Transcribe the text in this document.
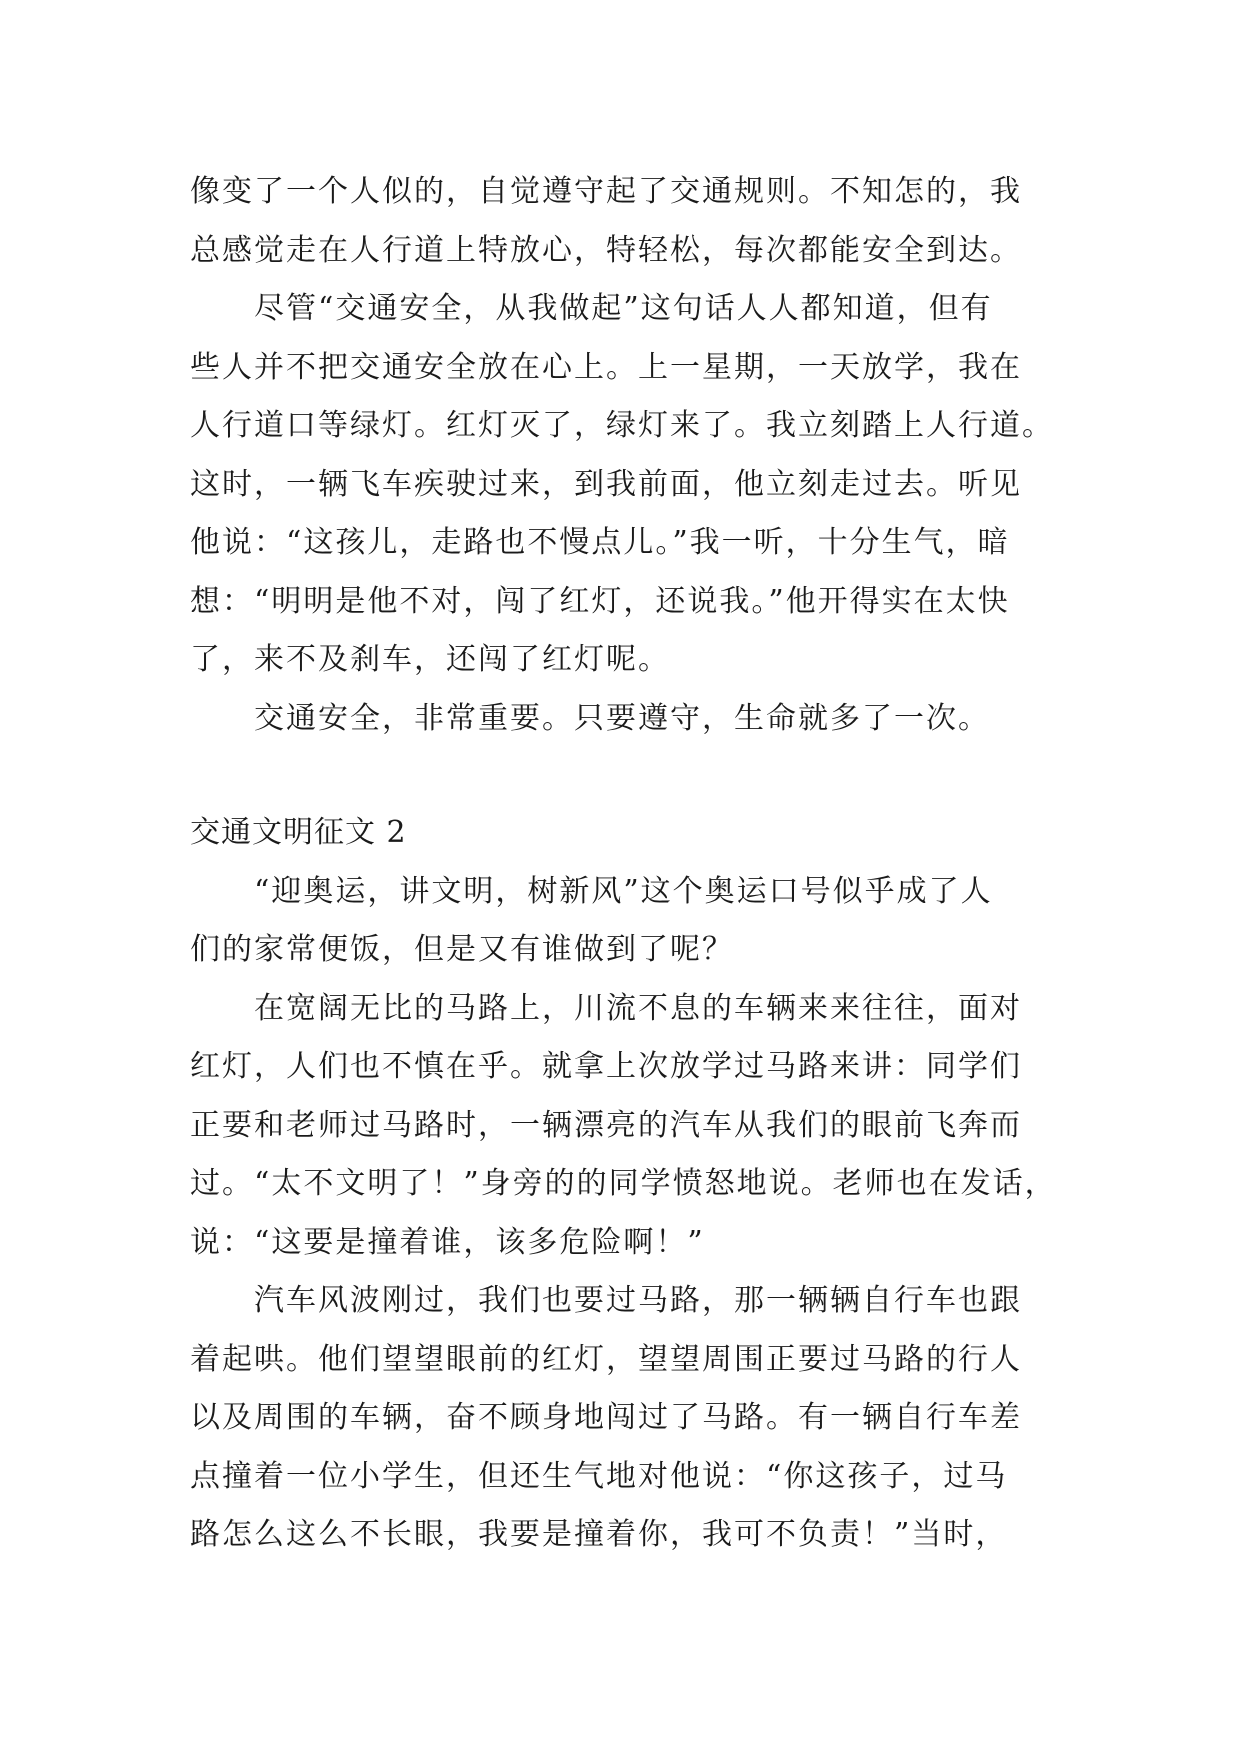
像变了一个人似的，自觉遵守起了交通规则。不知怎的，我
总感觉走在人行道上特放心，特轻松，每次都能安全到达。
尽管“交通安全，从我做起”这句话人人都知道，但有
些人并不把交通安全放在心上。上一星期，一天放学，我在
人行道口等绿灯。红灯灭了，绿灯来了。我立刻踏上人行道。
这时，一辆飞车疾驶过来，到我前面，他立刻走过去。听见
他说：“这孩儿，走路也不慢点儿。”我一听，十分生气，暗
想：“明明是他不对，闯了红灯，还说我。”他开得实在太快
了，来不及刹车，还闯了红灯呢。
交通安全，非常重要。只要遵守，生命就多了一次。
交通文明征文 2
“迎奥运，讲文明，树新风”这个奥运口号似乎成了人
们的家常便饭，但是又有谁做到了呢？
在宽阔无比的马路上，川流不息的车辆来来往往，面对
红灯，人们也不慎在乎。就拿上次放学过马路来讲：同学们
正要和老师过马路时，一辆漂亮的汽车从我们的眼前飞奔而
过。“太不文明了！”身旁的的同学愤怒地说。老师也在发话，
说：“这要是撞着谁，该多危险啊！”
汽车风波刚过，我们也要过马路，那一辆辆自行车也跟
着起哄。他们望望眼前的红灯，望望周围正要过马路的行人
以及周围的车辆，奋不顾身地闯过了马路。有一辆自行车差
点撞着一位小学生，但还生气地对他说：“你这孩子，过马
路怎么这么不长眼，我要是撞着你，我可不负责！”当时，
